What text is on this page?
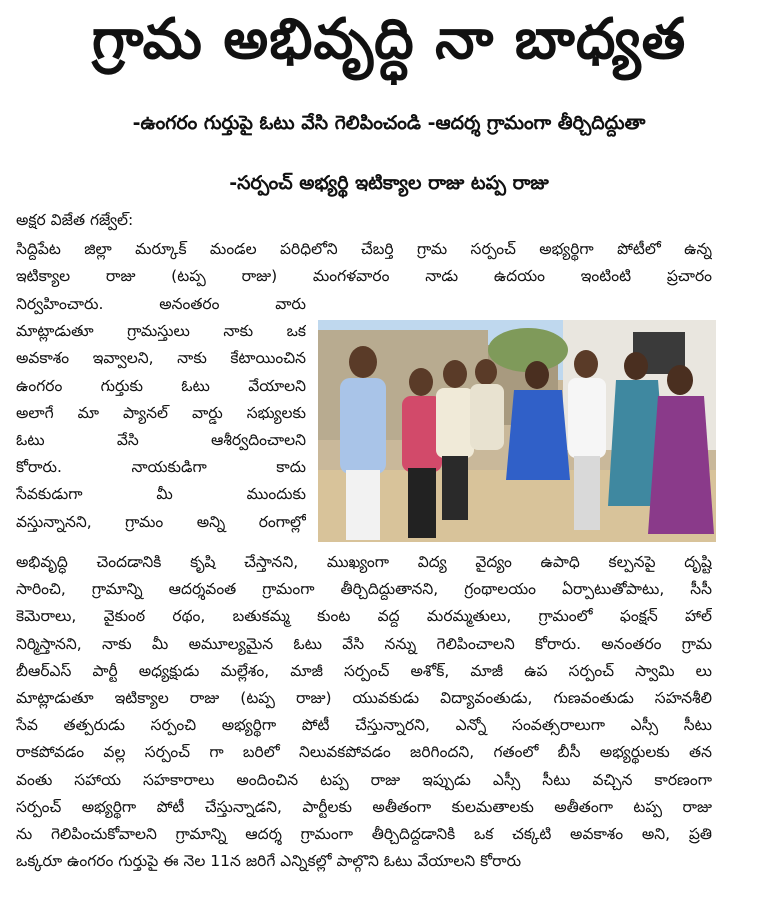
గ్రామ అభివృద్ధి నా బాధ్యత
-ఉంగరం గుర్తుపై ఓటు వేసి గెలిపించండి -ఆదర్శ గ్రామంగా తీర్చిదిద్దుతా
-సర్పంచ్ అభ్యర్థి ఇటిక్యాల రాజు టప్ప రాజు
అక్షర విజేత గజ్వేల్:
సిద్దిపేట జిల్లా మర్కూక్ మండల పరిధిలోని చేబర్తి గ్రామ సర్పంచ్ అభ్యర్థిగా పోటీలో ఉన్న
ఇటిక్యాల రాజు (టప్ప రాజు) మంగళవారం నాడు ఉదయం ఇంటింటి ప్రచారం
నిర్వహించారు. అనంతరం వారు
మాట్లాడుతూ గ్రామస్తులు నాకు ఒక
అవకాశం ఇవ్వాలని, నాకు కేటాయించిన
ఉంగరం గుర్తుకు ఓటు వేయాలని
అలాగే మా ప్యానల్ వార్డు సభ్యులకు
ఓటు వేసి ఆశీర్వదించాలని
కోరారు. నాయకుడిగా కాదు
సేవకుడుగా మీ ముందుకు
వస్తున్నానని, గ్రామం అన్ని రంగాల్లో
అభివృద్ధి చెందడానికి కృషి చేస్తానని, ముఖ్యంగా విద్య వైద్యం ఉపాధి కల్పనపై దృష్టి
సారించి, గ్రామాన్ని ఆదర్శవంత గ్రామంగా తీర్చిదిద్దుతానని, గ్రంథాలయం ఏర్పాటుతోపాటు, సీసీ
కెమెరాలు, వైకుంఠ రథం, బతుకమ్మ కుంట వద్ద మరమ్మతులు, గ్రామంలో ఫంక్షన్ హాల్
నిర్మిస్తానని, నాకు మీ అమూల్యమైన ఓటు వేసి నన్ను గెలిపించాలని కోరారు. అనంతరం గ్రామ
బీఆర్ఎస్ పార్టీ అధ్యక్షుడు మల్లేశం, మాజీ సర్పంచ్ అశోక్, మాజీ ఉప సర్పంచ్ స్వామి లు
మాట్లాడుతూ ఇటిక్యాల రాజు (టప్ప రాజు) యువకుడు విద్యావంతుడు, గుణవంతుడు సహనశీలి
సేవ తత్పరుడు సర్పంచి అభ్యర్థిగా పోటీ చేస్తున్నారని, ఎన్నో సంవత్సరాలుగా ఎస్సీ సీటు
రాకపోవడం వల్ల సర్పంచ్ గా బరిలో నిలువకపోవడం జరిగిందని, గతంలో బీసీ అభ్యర్థులకు తన
వంతు సహాయ సహకారాలు అందించిన టప్ప రాజు ఇప్పుడు ఎస్సీ సీటు వచ్చిన కారణంగా
సర్పంచ్ అభ్యర్థిగా పోటీ చేస్తున్నాడని, పార్టీలకు అతీతంగా కులమతాలకు అతీతంగా టప్ప రాజు
ను గెలిపించుకోవాలని గ్రామాన్ని ఆదర్శ గ్రామంగా తీర్చిదిద్దడానికి ఒక చక్కటి అవకాశం అని, ప్రతి
ఒక్కరూ ఉంగరం గుర్తుపై ఈ నెల 11న జరిగే ఎన్నికల్లో పాల్గొని ఓటు వేయాలని కోరారు
